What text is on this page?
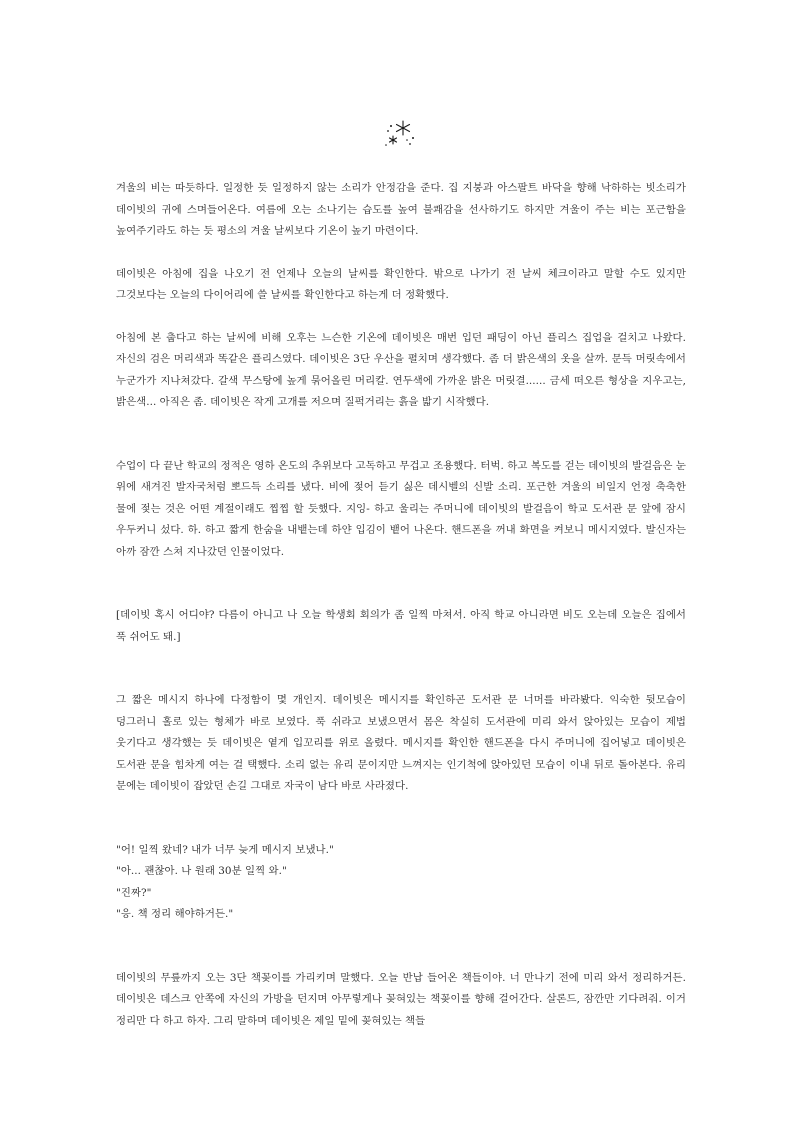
겨울의 비는 따듯하다. 일정한 듯 일정하지 않는 소리가 안정감을 준다. 집 지붕과 아스팔트 바닥을 향해 낙하하는 빗소리가 데이빗의 귀에 스며들어온다. 여름에 오는 소나기는 습도를 높여 불쾌감을 선사하기도 하지만 겨울이 주는 비는 포근함을 높여주기라도 하는 듯 평소의 겨울 날씨보다 기온이 높기 마련이다.

데이빗은 아침에 집을 나오기 전 언제나 오늘의 날씨를 확인한다. 밖으로 나가기 전 날씨 체크이라고 말할 수도 있지만 그것보다는 오늘의 다이어리에 쓸 날씨를 확인한다고 하는게 더 정확했다.

아침에 본 춥다고 하는 날씨에 비해 오후는 느슨한 기온에 데이빗은 매번 입던 패딩이 아닌 플리스 집업을 걸치고 나왔다. 자신의 검은 머리색과 똑같은 플리스였다. 데이빗은 3단 우산을 펼치며 생각했다. 좀 더 밝은색의 옷을 살까. 문득 머릿속에서 누군가가 지나쳐갔다. 갈색 무스탕에 높게 묶어올린 머리칼. 연두색에 가까운 밝은 머릿결...... 금세 떠오른 형상을 지우고는, 밝은색... 아직은 좀. 데이빗은 작게 고개를 저으며 질퍽거리는 흙을 밟기 시작했다.

수업이 다 끝난 학교의 정적은 영하 온도의 추위보다 고독하고 무겁고 조용했다. 터벅. 하고 복도를 걷는 데이빗의 발걸음은 눈 위에 새겨진 발자국처럼 뽀드득 소리를 냈다. 비에 젖어 듣기 싫은 데시벨의 신발 소리. 포근한 겨울의 비일지 언정 축축한 물에 젖는 것은 어떤 계절이래도 찝찝 할 듯했다. 지잉- 하고 울리는 주머니에 데이빗의 발걸음이 학교 도서관 문 앞에 잠시 우두커니 섰다. 하. 하고 짧게 한숨을 내뱉는데 하얀 입김이 뱉어 나온다. 핸드폰을 꺼내 화면을 켜보니 메시지였다. 발신자는 아까 잠깐 스쳐 지나갔던 인물이었다.

[데이빗 혹시 어디야? 다름이 아니고 나 오늘 학생회 회의가 좀 일찍 마쳐서. 아직 학교 아니라면 비도 오는데 오늘은 집에서 푹 쉬어도 돼.]

그 짧은 메시지 하나에 다정함이 몇 개인지. 데이빗은 메시지를 확인하곤 도서관 문 너머를 바라봤다. 익숙한 뒷모습이 덩그러니 홀로 있는 형체가 바로 보였다. 푹 쉬라고 보냈으면서 몸은 착실히 도서관에 미리 와서 앉아있는 모습이 제법 웃기다고 생각했는 듯 데이빗은 옅게 입꼬리를 위로 올렸다. 메시지를 확인한 핸드폰을 다시 주머니에 집어넣고 데이빗은 도서관 문을 힘차게 여는 걸 택했다. 소리 없는 유리 문이지만 느껴지는 인기척에 앉아있던 모습이 이내 뒤로 돌아본다. 유리 문에는 데이빗이 잡았던 손길 그대로 자국이 남다 바로 사라졌다.

"어! 일찍 왔네? 내가 너무 늦게 메시지 보냈나."

"아... 괜찮아. 나 원래 30분 일찍 와."

"진짜?"

"응. 책 정리 해야하거든."

데이빗의 무릎까지 오는 3단 책꽂이를 가리키며 말했다. 오늘 반납 들어온 책들이야. 너 만나기 전에 미리 와서 정리하거든. 데이빗은 데스크 안쪽에 자신의 가방을 던지며 아무렇게나 꽂혀있는 책꽂이를 향해 걸어간다. 살론드, 잠깐만 기다려줘. 이거 정리만 다 하고 하자. 그리 말하며 데이빗은 제일 밑에 꽂혀있는 책들
